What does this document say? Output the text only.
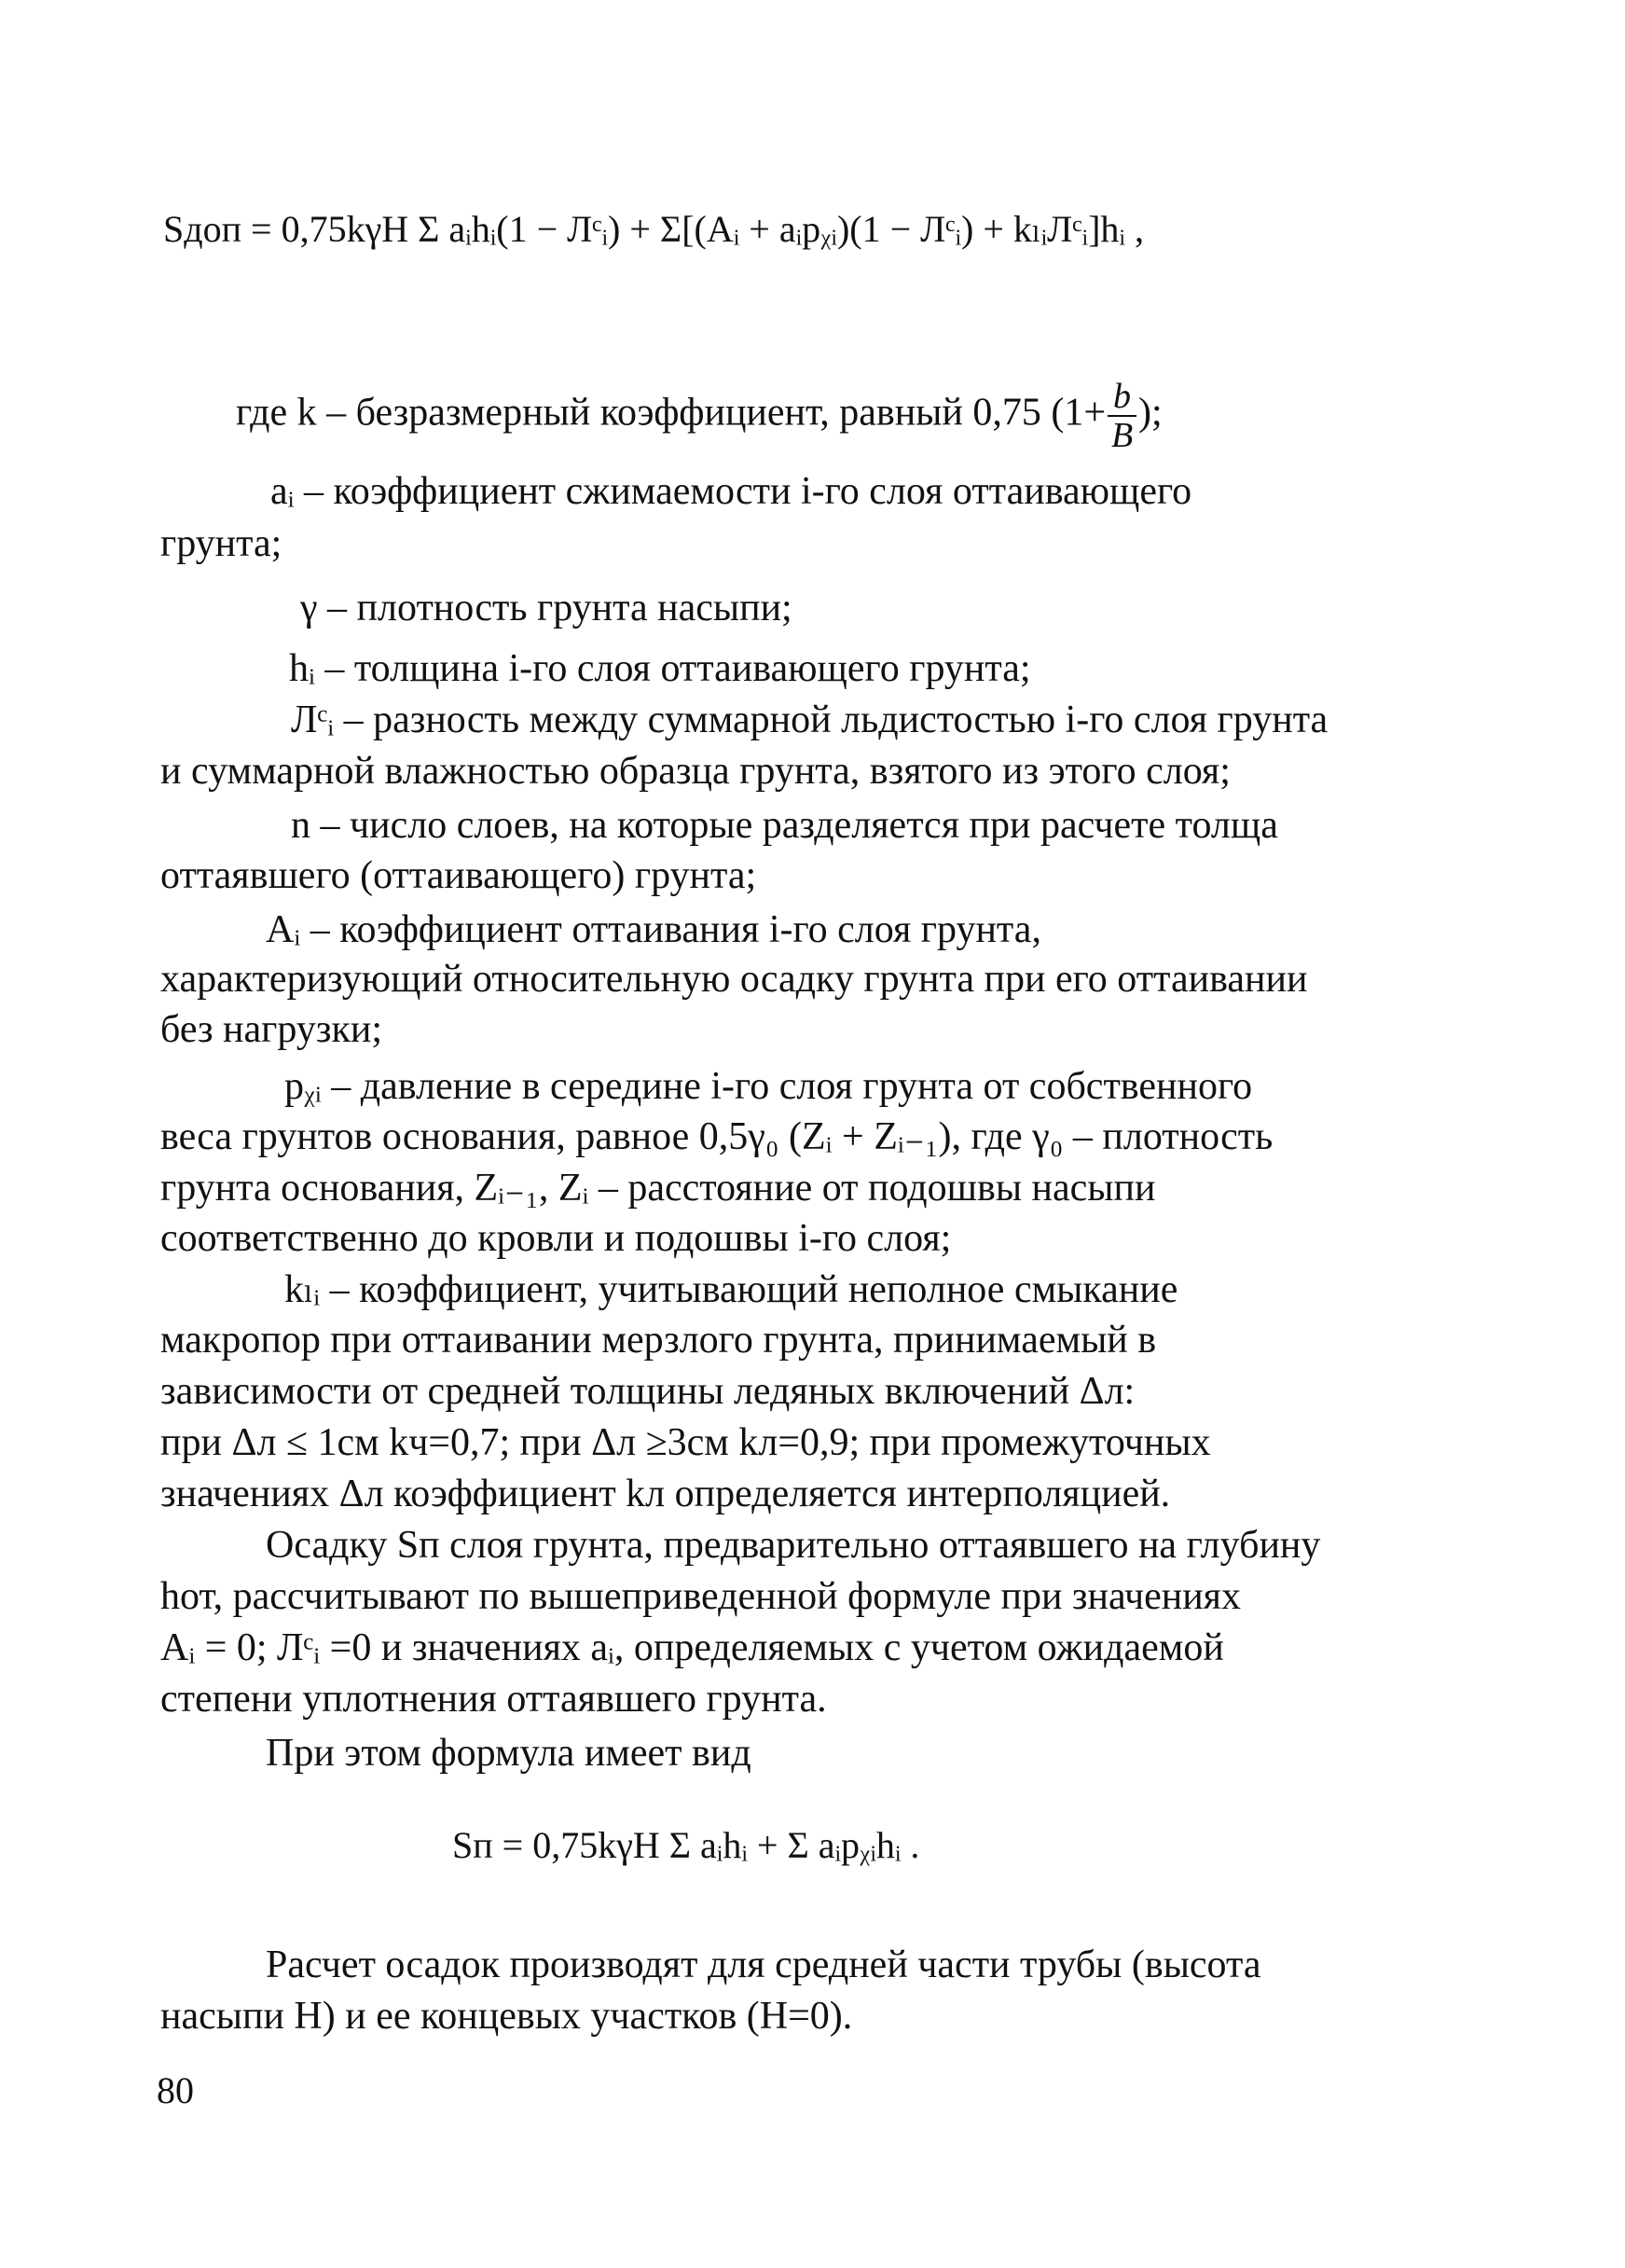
Sдоп = 0,75kγH Σ aᵢhᵢ(1 − Лᶜᵢ) + Σ[(Aᵢ + aᵢpᵪᵢ)(1 − Лᶜᵢ) + kₗᵢЛᶜᵢ]hᵢ ,
где k – безразмерный коэффициент, равный 0,75 ($1+ \frac{b}{B}$ );
aᵢ – коэффициент сжимаемости i-го слоя оттаивающего
грунта;
γ – плотность грунта насыпи;
hᵢ – толщина i-го слоя оттаивающего грунта;
Лᶜᵢ – разность между суммарной льдистостью i-го слоя грунта
и суммарной влажностью образца грунта, взятого из этого слоя;
n – число слоев, на которые разделяется при расчете толща
оттаявшего (оттаивающего) грунта;
Aᵢ – коэффициент оттаивания i-го слоя грунта,
характеризующий относительную осадку грунта при его оттаивании
без нагрузки;
pᵪᵢ – давление в середине i-го слоя грунта от собственного
веса грунтов основания, равное 0,5γ₀ (Zᵢ + Zᵢ₋₁), где γ₀ – плотность
грунта основания, Zᵢ₋₁, Zᵢ – расстояние от подошвы насыпи
соответственно до кровли и подошвы i-го слоя;
kₗᵢ – коэффициент, учитывающий неполное смыкание
макропор при оттаивании мерзлого грунта, принимаемый в
зависимости от средней толщины ледяных включений Δл:
при Δл ≤ 1см kч=0,7; при Δл ≥3см kл=0,9; при промежуточных
значениях Δл коэффициент kл определяется интерполяцией.
Осадку Sп слоя грунта, предварительно оттаявшего на глубину
hот, рассчитывают по вышеприведенной формуле при значениях
Aᵢ = 0; Лᶜᵢ =0 и значениях aᵢ, определяемых с учетом ожидаемой
степени уплотнения оттаявшего грунта.
При этом формула имеет вид
Sп = 0,75kγH Σ aᵢhᵢ + Σ aᵢpᵪᵢhᵢ .
Расчет осадок производят для средней части трубы (высота
насыпи H) и ее концевых участков (H=0).
80
